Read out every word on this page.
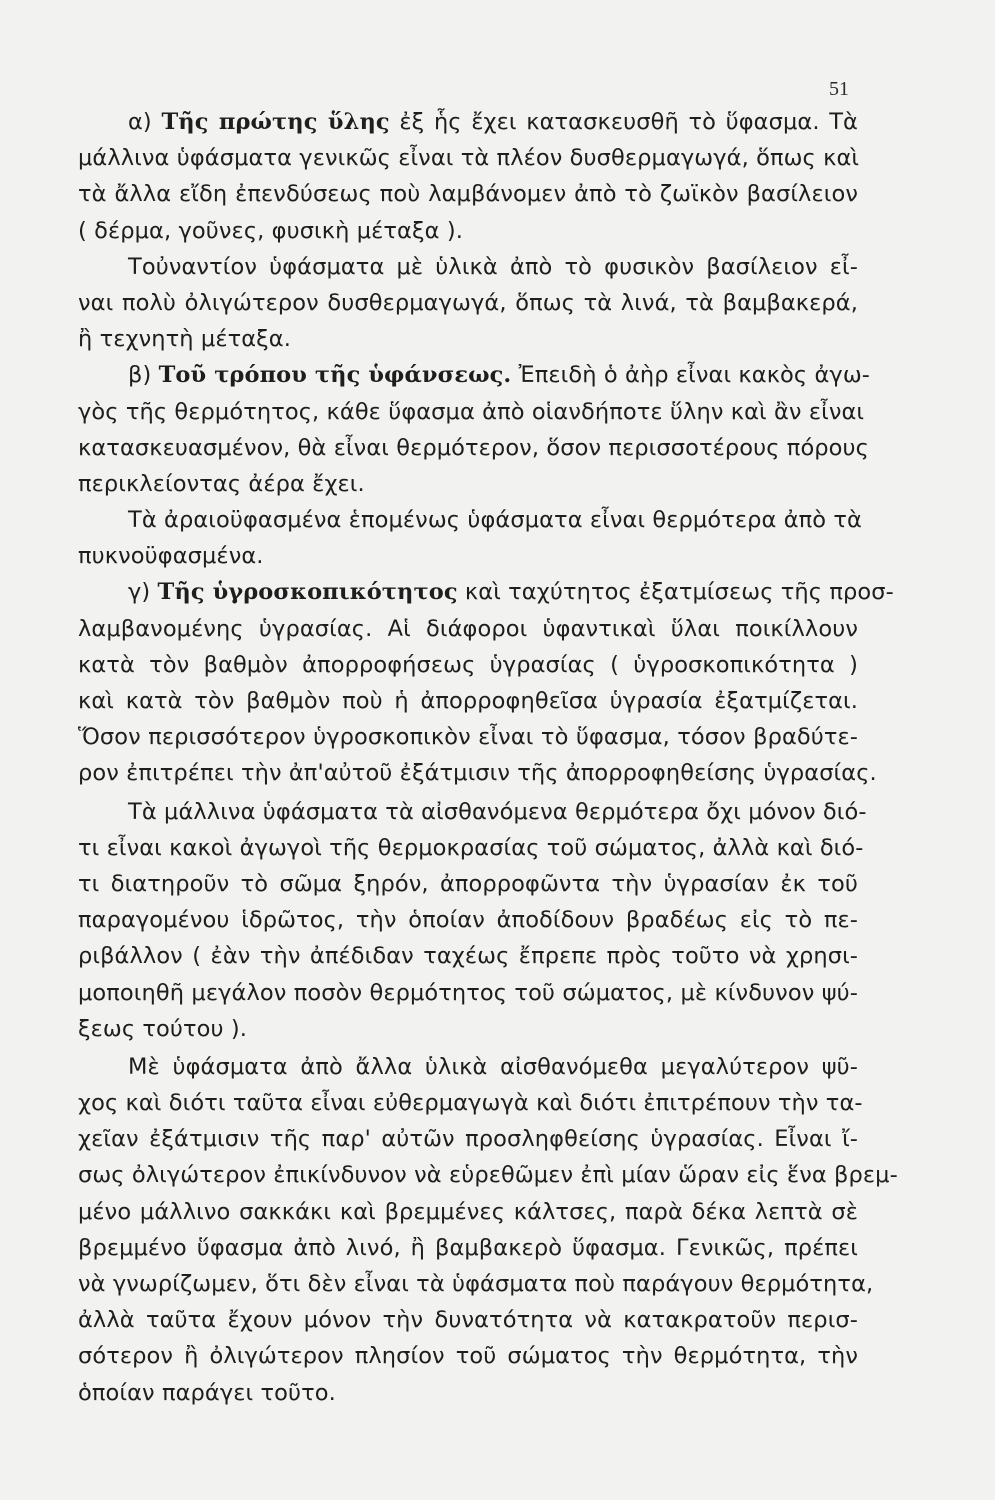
51
α) Τῆς πρώτης ὕλης ἐξ ἧς ἔχει κατασκευσθῆ τὸ ὕφασμα. Τὰ
μάλλινα ὑφάσματα γενικῶς εἶναι τὰ πλέον δυσθερμαγωγά, ὅπως καὶ
τὰ ἄλλα εἴδη ἐπενδύσεως ποὺ λαμβάνομεν ἀπὸ τὸ ζωϊκὸν βασίλειον
( δέρμα, γοῦνες, φυσικὴ μέταξα ).
Τοὐναντίον ὑφάσματα μὲ ὑλικὰ ἀπὸ τὸ φυσικὸν βασίλειον εἶ-
ναι πολὺ ὀλιγώτερον δυσθερμαγωγά, ὅπως τὰ λινά, τὰ βαμβακερά,
ἢ τεχνητὴ μέταξα.
β) Τοῦ τρόπου τῆς ὑφάνσεως. Ἐπειδὴ ὁ ἀὴρ εἶναι κακὸς ἀγω-
γὸς τῆς θερμότητος, κάθε ὕφασμα ἀπὸ οἱανδήποτε ὕλην καὶ ἂν εἶναι
κατασκευασμένον, θὰ εἶναι θερμότερον, ὅσον περισσοτέρους πόρους
περικλείοντας ἀέρα ἔχει.
Τὰ ἀραιοϋφασμένα ἑπομένως ὑφάσματα εἶναι θερμότερα ἀπὸ τὰ
πυκνοϋφασμένα.
γ) Τῆς ὑγροσκοπικότητος καὶ ταχύτητος ἐξατμίσεως τῆς προσ-
λαμβανομένης ὑγρασίας. Αἱ διάφοροι ὑφαντικαὶ ὕλαι ποικίλλουν
κατὰ τὸν βαθμὸν ἀπορροφήσεως ὑγρασίας ( ὑγροσκοπικότητα )
καὶ κατὰ τὸν βαθμὸν ποὺ ἡ ἀπορροφηθεῖσα ὑγρασία ἐξατμίζεται.
Ὅσον περισσότερον ὑγροσκοπικὸν εἶναι τὸ ὕφασμα, τόσον βραδύτε-
ρον ἐπιτρέπει τὴν ἀπ'αὐτοῦ ἐξάτμισιν τῆς ἀπορροφηθείσης ὑγρασίας.
Τὰ μάλλινα ὑφάσματα τὰ αἰσθανόμενα θερμότερα ὄχι μόνον διό-
τι εἶναι κακοὶ ἀγωγοὶ τῆς θερμοκρασίας τοῦ σώματος, ἀλλὰ καὶ διό-
τι διατηροῦν τὸ σῶμα ξηρόν, ἀπορροφῶντα τὴν ὑγρασίαν ἐκ τοῦ
παραγομένου ἱδρῶτος, τὴν ὁποίαν ἀποδίδουν βραδέως εἰς τὸ πε-
ριβάλλον ( ἐὰν τὴν ἀπέδιδαν ταχέως ἔπρεπε πρὸς τοῦτο νὰ χρησι-
μοποιηθῆ μεγάλον ποσὸν θερμότητος τοῦ σώματος, μὲ κίνδυνον ψύ-
ξεως τούτου ).
Μὲ ὑφάσματα ἀπὸ ἄλλα ὑλικὰ αἰσθανόμεθα μεγαλύτερον ψῦ-
χος καὶ διότι ταῦτα εἶναι εὐθερμαγωγὰ καὶ διότι ἐπιτρέπουν τὴν τα-
χεῖαν ἐξάτμισιν τῆς παρ' αὐτῶν προσληφθείσης ὑγρασίας. Εἶναι ἴ-
σως ὀλιγώτερον ἐπικίνδυνον νὰ εὑρεθῶμεν ἐπὶ μίαν ὥραν εἰς ἕνα βρεμ-
μένο μάλλινο σακκάκι καὶ βρεμμένες κάλτσες, παρὰ δέκα λεπτὰ σὲ
βρεμμένο ὕφασμα ἀπὸ λινό, ἢ βαμβακερὸ ὕφασμα. Γενικῶς, πρέπει
νὰ γνωρίζωμεν, ὅτι δὲν εἶναι τὰ ὑφάσματα ποὺ παράγουν θερμότητα,
ἀλλὰ ταῦτα ἔχουν μόνον τὴν δυνατότητα νὰ κατακρατοῦν περισ-
σότερον ἢ ὀλιγώτερον πλησίον τοῦ σώματος τὴν θερμότητα, τὴν
ὁποίαν παράγει τοῦτο.
